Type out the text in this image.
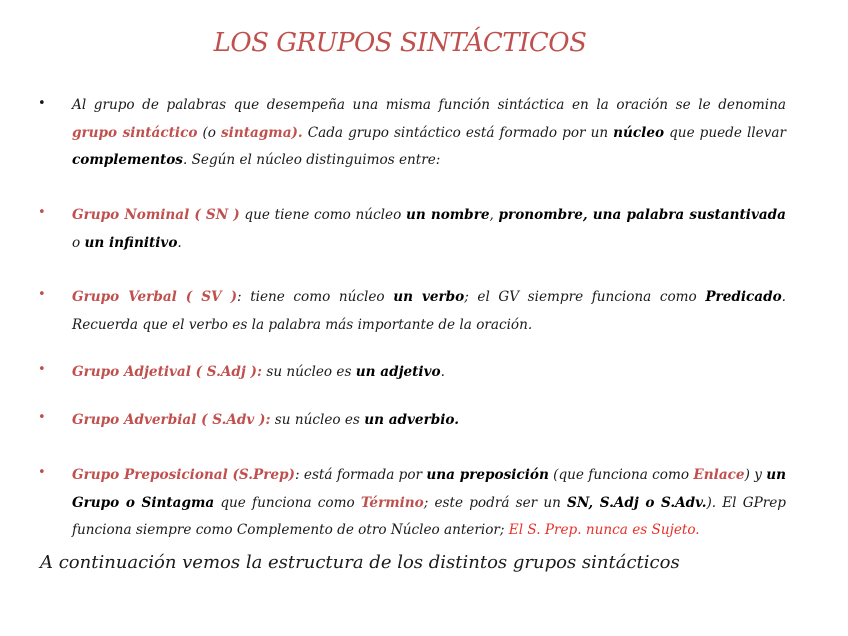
LOS GRUPOS SINTÁCTICOS
• Al grupo de palabras que desempeña una misma función sintáctica en la oración se le denomina grupo sintáctico (o sintagma). Cada grupo sintáctico está formado por un núcleo que puede llevar complementos. Según el núcleo distinguimos entre:
• Grupo Nominal ( SN ) que tiene como núcleo un nombre, pronombre, una palabra sustantivada o un infinitivo.
• Grupo Verbal ( SV ): tiene como núcleo un verbo; el GV siempre funciona como Predicado. Recuerda que el verbo es la palabra más importante de la oración.
• Grupo Adjetival ( S.Adj ): su núcleo es un adjetivo.
• Grupo Adverbial ( S.Adv ): su núcleo es un adverbio.
• Grupo Preposicional (S.Prep): está formada por una preposición (que funciona como Enlace) y un Grupo o Sintagma que funciona como Término; este podrá ser un SN, S.Adj o S.Adv.). El GPrep funciona siempre como Complemento de otro Núcleo anterior; El S. Prep. nunca es Sujeto.
A continuación vemos la estructura de los distintos grupos sintácticos
